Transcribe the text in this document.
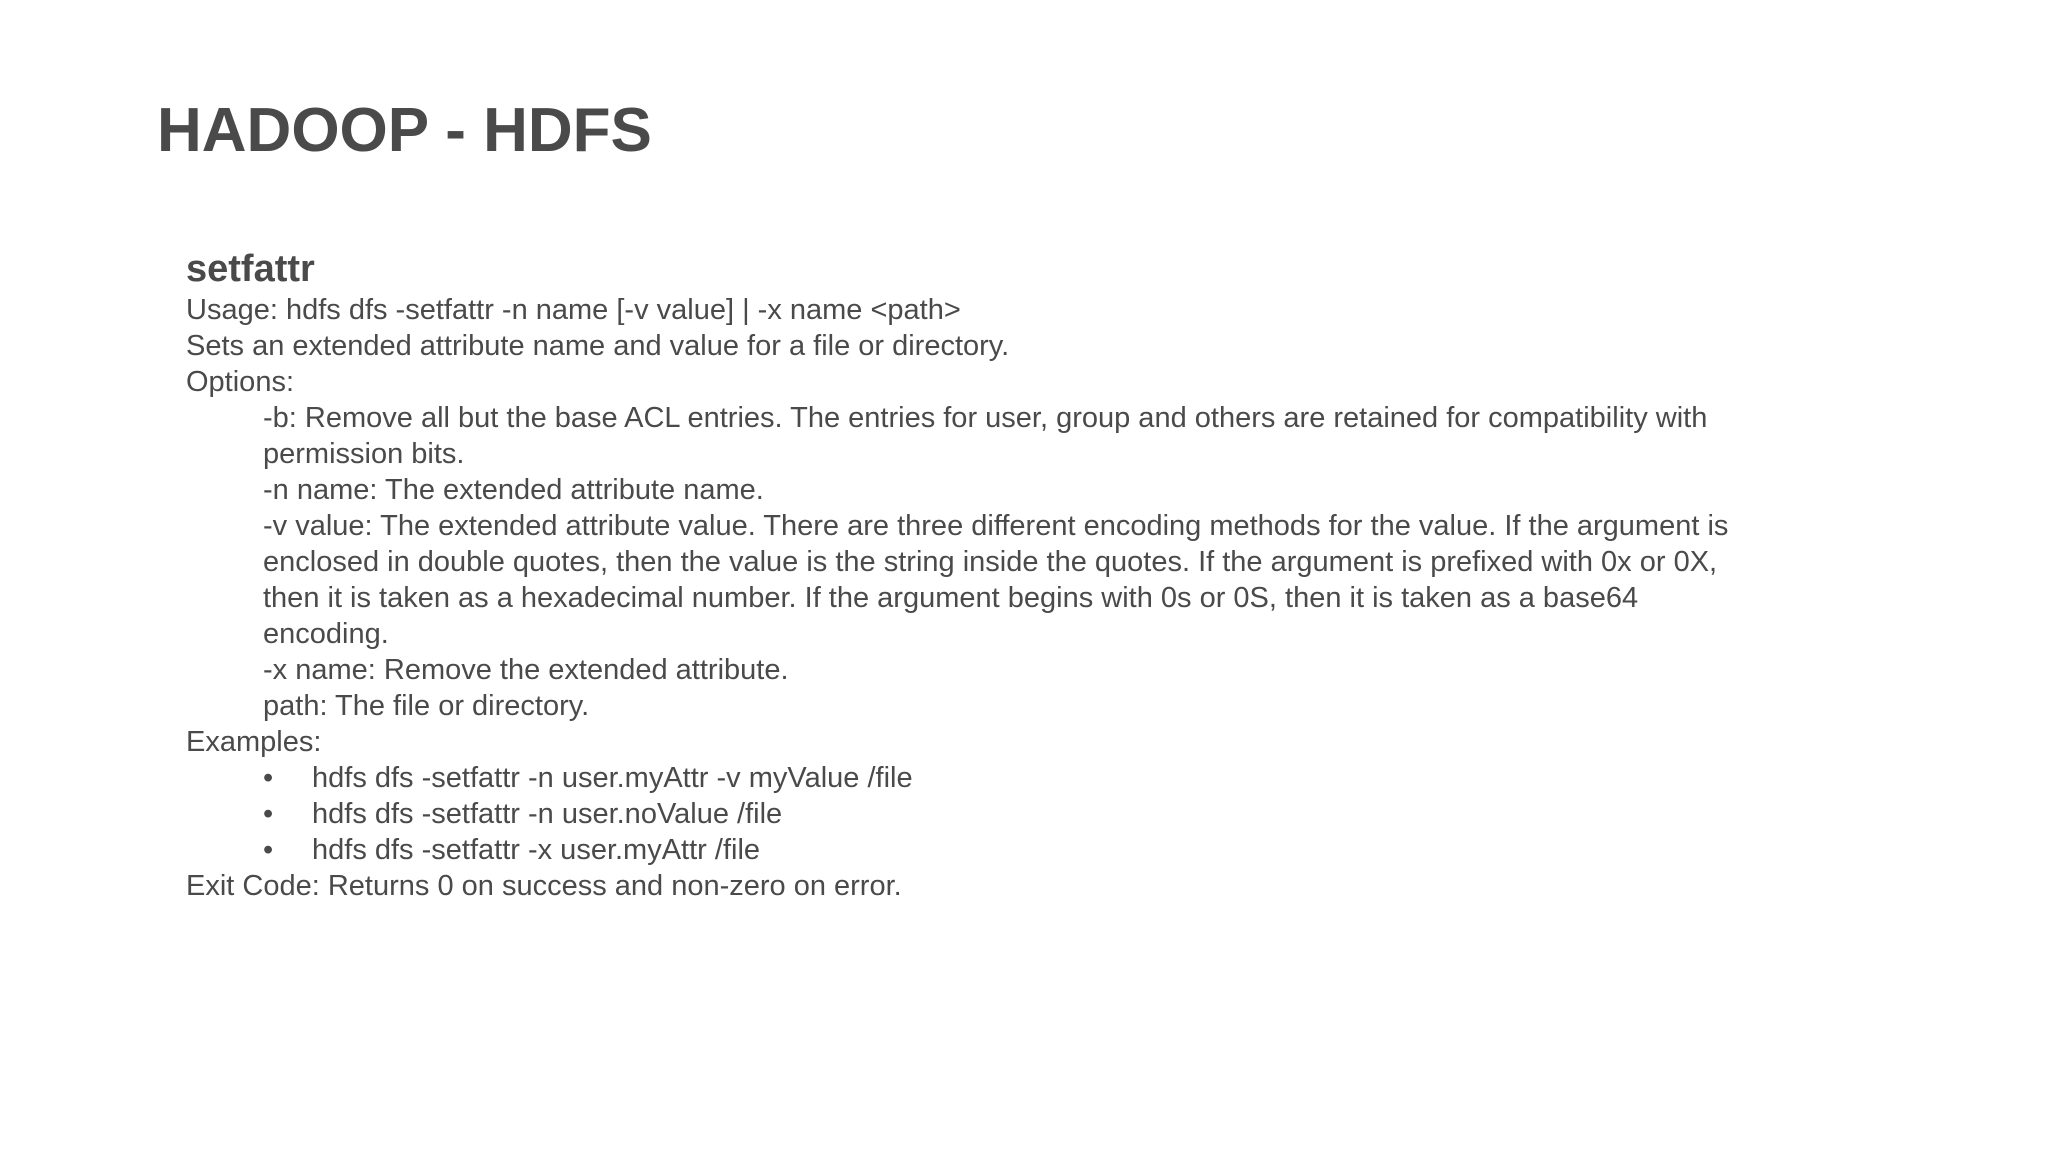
HADOOP - HDFS
setfattr
Usage: hdfs dfs -setfattr -n name [-v value] | -x name <path>
Sets an extended attribute name and value for a file or directory.
Options:
-b: Remove all but the base ACL entries. The entries for user, group and others are retained for compatibility with permission bits.
-n name: The extended attribute name.
-v value: The extended attribute value. There are three different encoding methods for the value. If the argument is enclosed in double quotes, then the value is the string inside the quotes. If the argument is prefixed with 0x or 0X, then it is taken as a hexadecimal number. If the argument begins with 0s or 0S, then it is taken as a base64 encoding.
-x name: Remove the extended attribute.
path: The file or directory.
Examples:
• hdfs dfs -setfattr -n user.myAttr -v myValue /file
• hdfs dfs -setfattr -n user.noValue /file
• hdfs dfs -setfattr -x user.myAttr /file
Exit Code: Returns 0 on success and non-zero on error.
